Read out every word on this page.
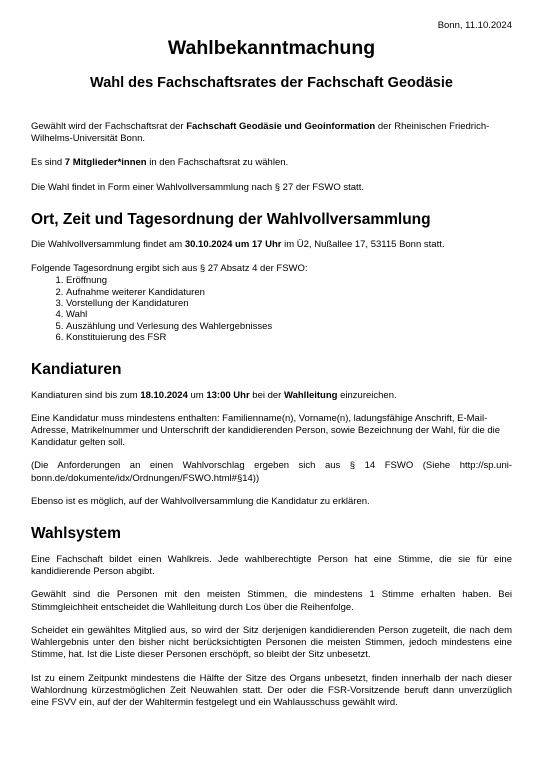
Bonn, 11.10.2024
Wahlbekanntmachung
Wahl des Fachschaftsrates der Fachschaft Geodäsie

Gewählt wird der Fachschaftsrat der Fachschaft Geodäsie und Geoinformation der Rheinischen Friedrich-Wilhelms-Universität Bonn.

Es sind 7 Mitglieder*innen in den Fachschaftsrat zu wählen.

Die Wahl findet in Form einer Wahlvollversammlung nach § 27 der FSWO statt.

Ort, Zeit und Tagesordnung der Wahlvollversammlung

Die Wahlvollversammlung findet am 30.10.2024 um 17 Uhr im Ü2, Nußallee 17, 53115 Bonn statt.

Folgende Tagesordnung ergibt sich aus § 27 Absatz 4 der FSWO:

1. Eröffnung
2. Aufnahme weiterer Kandidaturen
3. Vorstellung der Kandidaturen
4. Wahl
5. Auszählung und Verlesung des Wahlergebnisses
6. Konstituierung des FSR
Kandiaturen

Kandiaturen sind bis zum 18.10.2024 um 13:00 Uhr bei der Wahlleitung einzureichen.

Eine Kandidatur muss mindestens enthalten: Familienname(n), Vorname(n), ladungsfähige Anschrift, E-Mail-Adresse, Matrikelnummer und Unterschrift der kandidierenden Person, sowie Bezeichnung der Wahl, für die die Kandidatur gelten soll.

(Die Anforderungen an einen Wahlvorschlag ergeben sich aus § 14 FSWO (Siehe http://sp.uni-bonn.de/dokumente/idx/Ordnungen/FSWO.html#§14))

Ebenso ist es möglich, auf der Wahlvollversammlung die Kandidatur zu erklären.

Wahlsystem

Eine Fachschaft bildet einen Wahlkreis. Jede wahlberechtigte Person hat eine Stimme, die sie für eine kandidierende Person abgibt.

Gewählt sind die Personen mit den meisten Stimmen, die mindestens 1 Stimme erhalten haben. Bei Stimmgleichheit entscheidet die Wahlleitung durch Los über die Reihenfolge.

Scheidet ein gewähltes Mitglied aus, so wird der Sitz derjenigen kandidierenden Person zugeteilt, die nach dem Wahlergebnis unter den bisher nicht berücksichtigten Personen die meisten Stimmen, jedoch mindestens eine Stimme, hat. Ist die Liste dieser Personen erschöpft, so bleibt der Sitz unbesetzt.

Ist zu einem Zeitpunkt mindestens die Hälfte der Sitze des Organs unbesetzt, finden innerhalb der nach dieser Wahlordnung kürzestmöglichen Zeit Neuwahlen statt. Der oder die FSR-Vorsitzende beruft dann unverzüglich eine FSVV ein, auf der der Wahltermin festgelegt und ein Wahlausschuss gewählt wird.
